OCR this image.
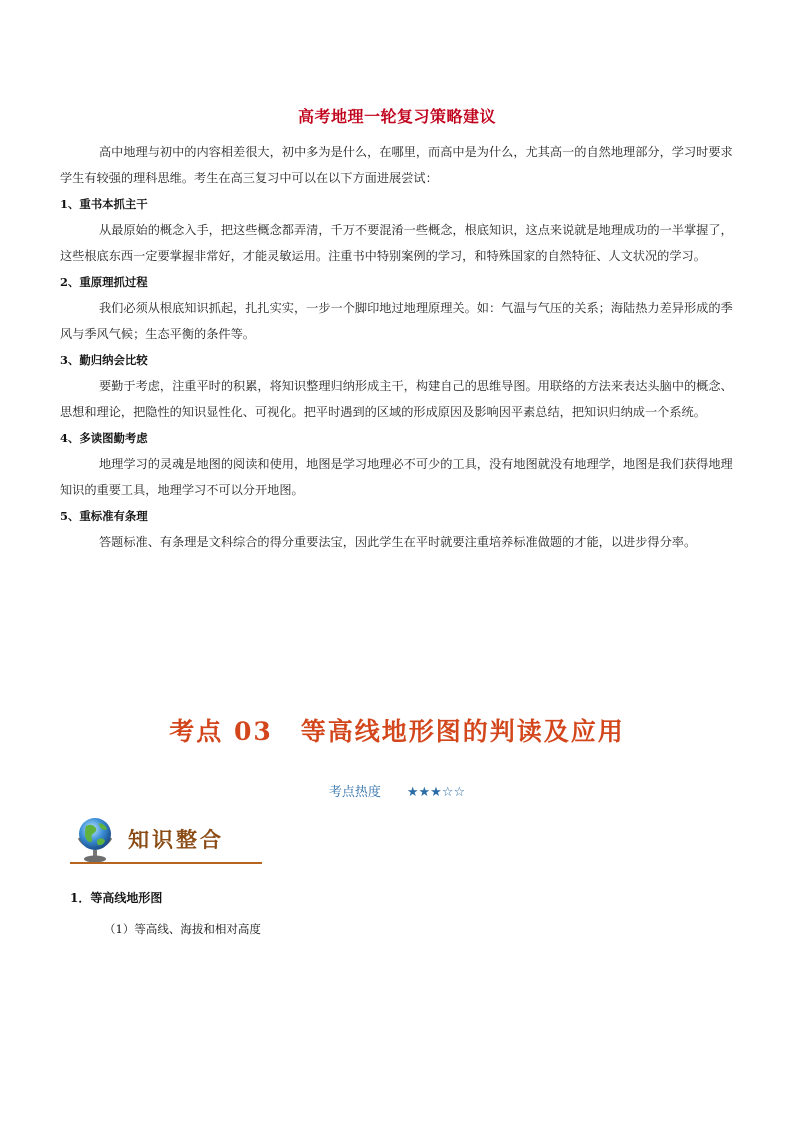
高考地理一轮复习策略建议

高中地理与初中的内容相差很大，初中多为是什么，在哪里，而高中是为什么，尤其高一的自然地理部分，学习时要求学生有较强的理科思维。考生在高三复习中可以在以下方面进展尝试：

1、重书本抓主干

从最原始的概念入手，把这些概念都弄清，千万不要混淆一些概念，根底知识，这点来说就是地理成功的一半掌握了，这些根底东西一定要掌握非常好，才能灵敏运用。注重书中特别案例的学习，和特殊国家的自然特征、人文状况的学习。

2、重原理抓过程

我们必须从根底知识抓起，扎扎实实，一步一个脚印地过地理原理关。如：气温与气压的关系；海陆热力差异形成的季风与季风气候；生态平衡的条件等。

3、勤归纳会比较

要勤于考虑，注重平时的积累，将知识整理归纳形成主干，构建自己的思维导图。用联络的方法来表达头脑中的概念、思想和理论，把隐性的知识显性化、可视化。把平时遇到的区域的形成原因及影响因平素总结，把知识归纳成一个系统。

4、多读图勤考虑

地理学习的灵魂是地图的阅读和使用，地图是学习地理必不可少的工具，没有地图就没有地理学，地图是我们获得地理知识的重要工具，地理学习不可以分开地图。

5、重标准有条理

答题标准、有条理是文科综合的得分重要法宝，因此学生在平时就要注重培养标准做题的才能，以进步得分率。

考点 03 等高线地形图的判读及应用
考点热度 ★★★☆☆
知识整合
1．等高线地形图
（1）等高线、海拔和相对高度
